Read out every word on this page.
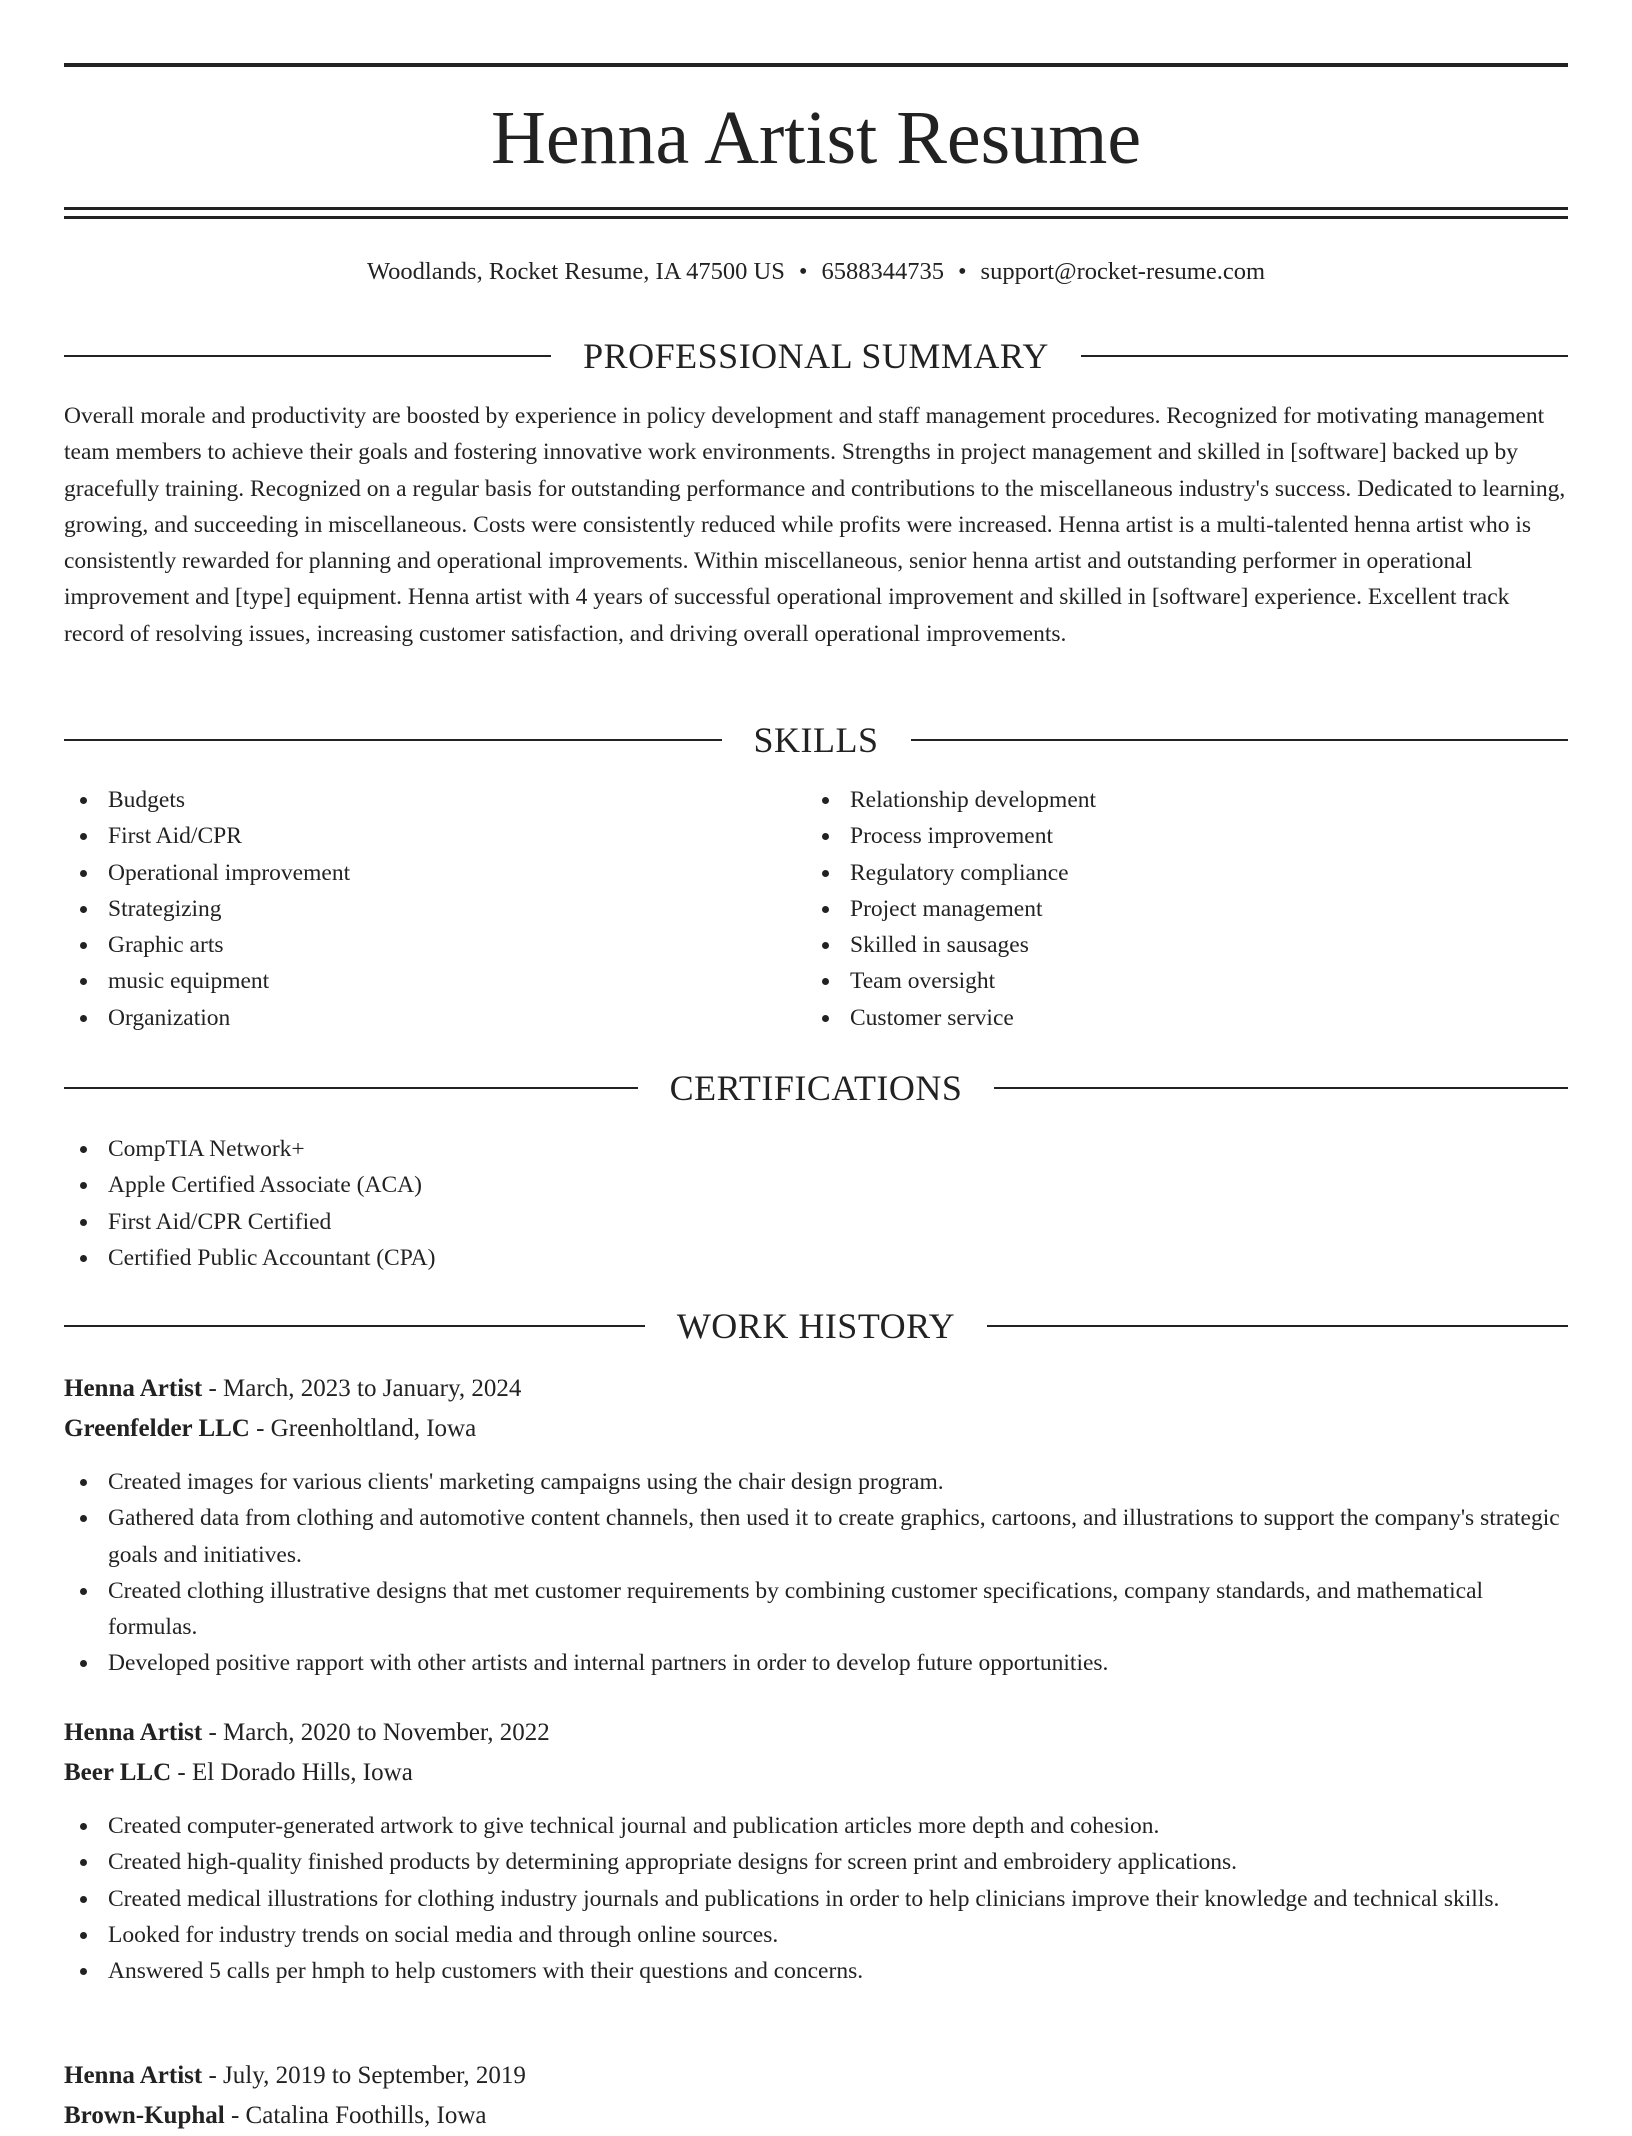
Henna Artist Resume
Woodlands, Rocket Resume, IA 47500 US • 6588344735 • support@rocket-resume.com
PROFESSIONAL SUMMARY

Overall morale and productivity are boosted by experience in policy development and staff management procedures. Recognized for motivating management team members to achieve their goals and fostering innovative work environments. Strengths in project management and skilled in [software] backed up by gracefully training. Recognized on a regular basis for outstanding performance and contributions to the miscellaneous industry's success. Dedicated to learning, growing, and succeeding in miscellaneous. Costs were consistently reduced while profits were increased. Henna artist is a multi-talented henna artist who is consistently rewarded for planning and operational improvements. Within miscellaneous, senior henna artist and outstanding performer in operational improvement and [type] equipment. Henna artist with 4 years of successful operational improvement and skilled in [software] experience. Excellent track record of resolving issues, increasing customer satisfaction, and driving overall operational improvements.

SKILLS
Budgets
First Aid/CPR
Operational improvement
Strategizing
Graphic arts
music equipment
Organization
Relationship development
Process improvement
Regulatory compliance
Project management
Skilled in sausages
Team oversight
Customer service
CERTIFICATIONS
CompTIA Network+
Apple Certified Associate (ACA)
First Aid/CPR Certified
Certified Public Accountant (CPA)
WORK HISTORY
Henna Artist - March, 2023 to January, 2024
Greenfelder LLC - Greenholtland, Iowa
Created images for various clients' marketing campaigns using the chair design program.
Gathered data from clothing and automotive content channels, then used it to create graphics, cartoons, and illustrations to support the company's strategic goals and initiatives.
Created clothing illustrative designs that met customer requirements by combining customer specifications, company standards, and mathematical formulas.
Developed positive rapport with other artists and internal partners in order to develop future opportunities.
Henna Artist - March, 2020 to November, 2022
Beer LLC - El Dorado Hills, Iowa
Created computer-generated artwork to give technical journal and publication articles more depth and cohesion.
Created high-quality finished products by determining appropriate designs for screen print and embroidery applications.
Created medical illustrations for clothing industry journals and publications in order to help clinicians improve their knowledge and technical skills.
Looked for industry trends on social media and through online sources.
Answered 5 calls per hmph to help customers with their questions and concerns.
Henna Artist - July, 2019 to September, 2019
Brown-Kuphal - Catalina Foothills, Iowa
